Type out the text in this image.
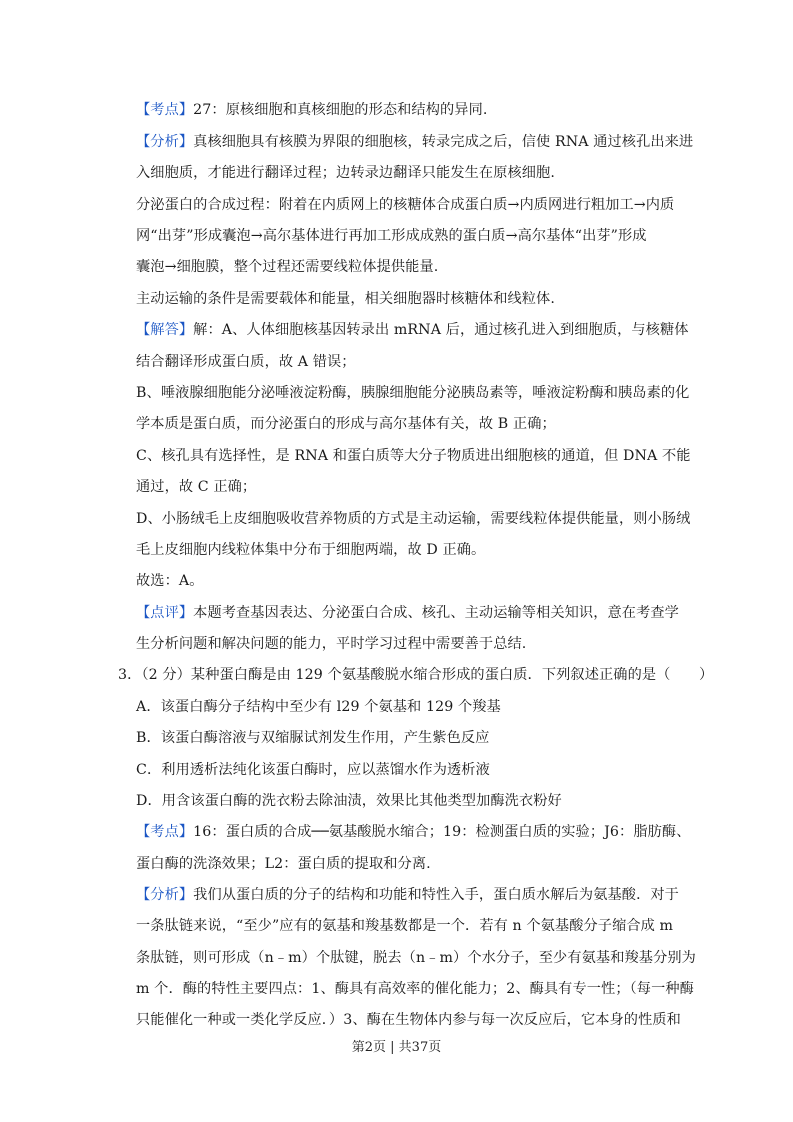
【考点】27：原核细胞和真核细胞的形态和结构的异同.
【分析】真核细胞具有核膜为界限的细胞核，转录完成之后，信使 RNA 通过核孔出来进
入细胞质，才能进行翻译过程；边转录边翻译只能发生在原核细胞.
分泌蛋白的合成过程：附着在内质网上的核糖体合成蛋白质→内质网进行粗加工→内质
网“出芽”形成囊泡→高尔基体进行再加工形成成熟的蛋白质→高尔基体“出芽”形成
囊泡→细胞膜，整个过程还需要线粒体提供能量.
主动运输的条件是需要载体和能量，相关细胞器时核糖体和线粒体.
【解答】解：A、人体细胞核基因转录出 mRNA 后，通过核孔进入到细胞质，与核糖体
结合翻译形成蛋白质，故 A 错误；
B、唾液腺细胞能分泌唾液淀粉酶，胰腺细胞能分泌胰岛素等，唾液淀粉酶和胰岛素的化
学本质是蛋白质，而分泌蛋白的形成与高尔基体有关，故 B 正确；
C、核孔具有选择性，是 RNA 和蛋白质等大分子物质进出细胞核的通道，但 DNA 不能
通过，故 C 正确；
D、小肠绒毛上皮细胞吸收营养物质的方式是主动运输，需要线粒体提供能量，则小肠绒
毛上皮细胞内线粒体集中分布于细胞两端，故 D 正确。
故选：A。
【点评】本题考查基因表达、分泌蛋白合成、核孔、主动运输等相关知识，意在考查学
生分析问题和解决问题的能力，平时学习过程中需要善于总结.
3．（2 分）某种蛋白酶是由 129 个氨基酸脱水缩合形成的蛋白质．下列叙述正确的是（　　）
A．该蛋白酶分子结构中至少有 l29 个氨基和 129 个羧基
B．该蛋白酶溶液与双缩脲试剂发生作用，产生紫色反应
C．利用透析法纯化该蛋白酶时，应以蒸馏水作为透析液
D．用含该蛋白酶的洗衣粉去除油渍，效果比其他类型加酶洗衣粉好
【考点】16：蛋白质的合成──氨基酸脱水缩合；19：检测蛋白质的实验；J6：脂肪酶、
蛋白酶的洗涤效果；L2：蛋白质的提取和分离.
【分析】我们从蛋白质的分子的结构和功能和特性入手，蛋白质水解后为氨基酸．对于
一条肽链来说，“至少”应有的氨基和羧基数都是一个．若有 n 个氨基酸分子缩合成 m
条肽链，则可形成（n﹣m）个肽键，脱去（n﹣m）个水分子，至少有氨基和羧基分别为
m 个．酶的特性主要四点：1、酶具有高效率的催化能力；2、酶具有专一性；（每一种酶
只能催化一种或一类化学反应．）3、酶在生物体内参与每一次反应后，它本身的性质和
第2页 | 共37页
